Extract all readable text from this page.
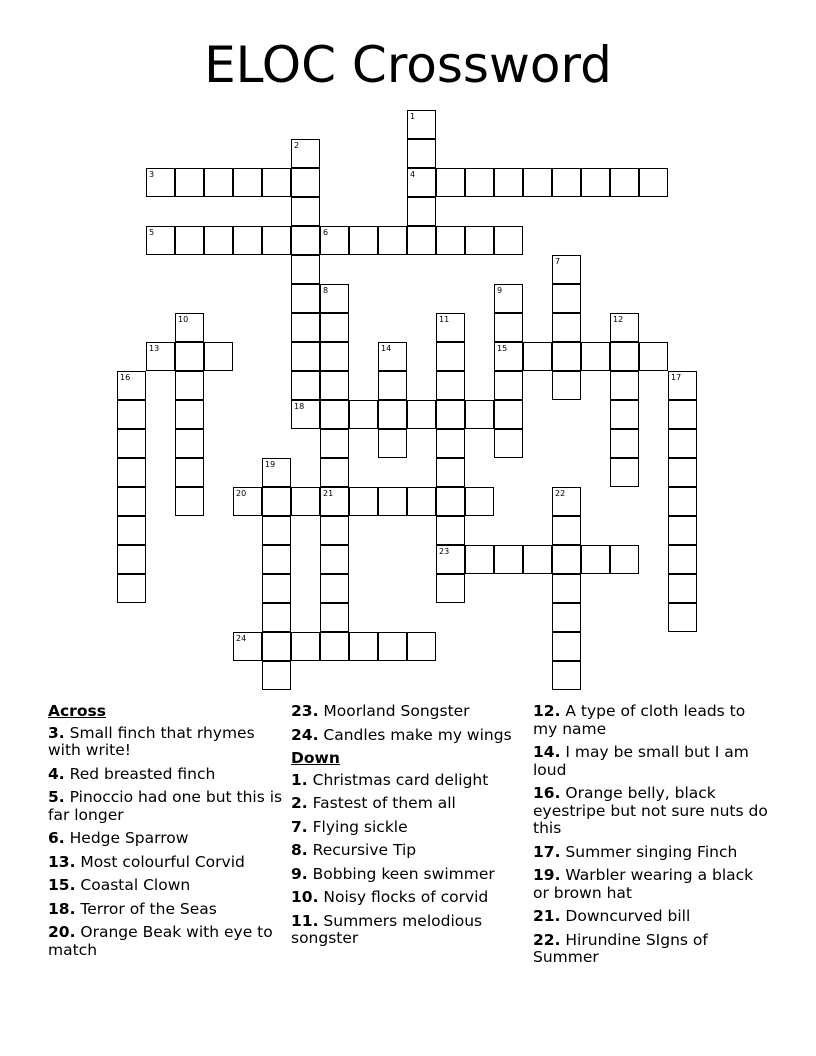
ELOC Crossword
1
4
2
3
5	6
7
8	9
15
10	11
23
12
13	14
16	17
18
19
20	21	22
24
Across
3. Small finch that rhymes with write!
4. Red breasted finch
5. Pinoccio had one but this is far longer
6. Hedge Sparrow
13. Most colourful Corvid
15. Coastal Clown
18. Terror of the Seas
20. Orange Beak with eye to match
23. Moorland Songster
24. Candles make my wings
Down
1. Christmas card delight
2. Fastest of them all
7. Flying sickle
8. Recursive Tip
9. Bobbing keen swimmer
10. Noisy flocks of corvid
11. Summers melodious songster
12. A type of cloth leads to my name
14. I may be small but I am loud
16. Orange belly, black eyestripe but not sure nuts do this
17. Summer singing Finch
19. Warbler wearing a black or brown hat
21. Downcurved bill
22. Hirundine SIgns of Summer
